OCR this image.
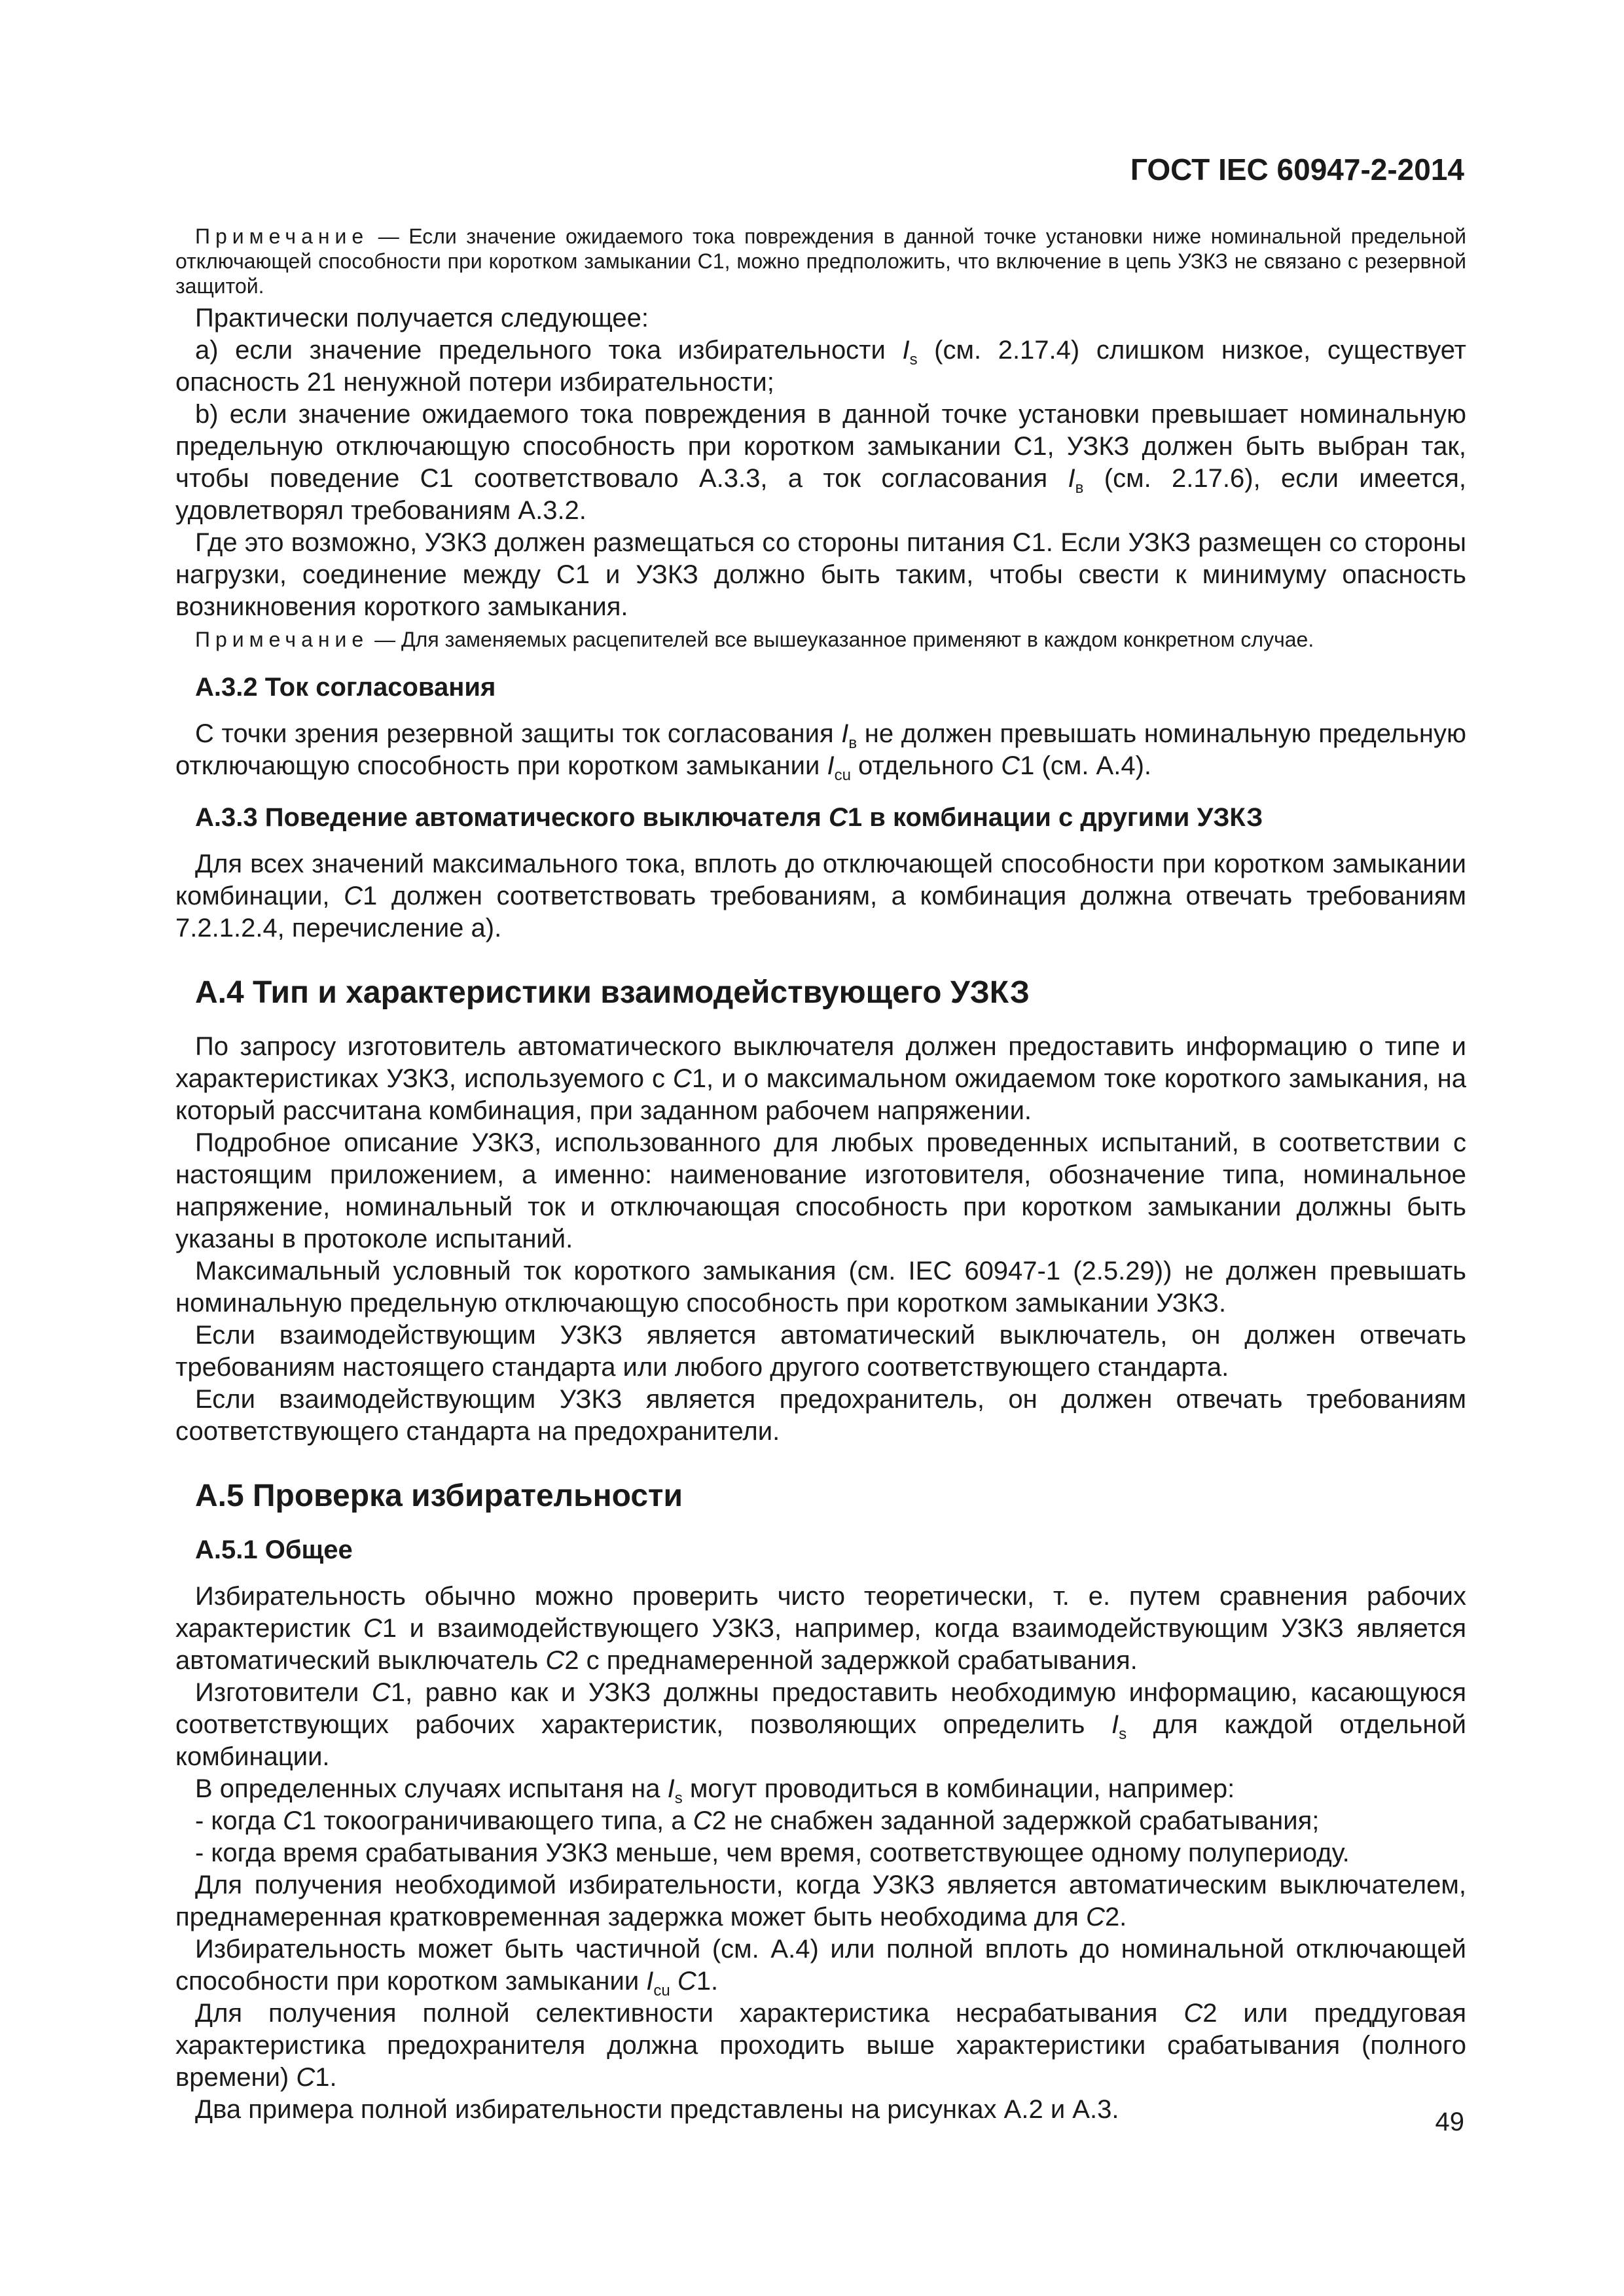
ГОСТ IEC 60947-2-2014

Примечание — Если значение ожидаемого тока повреждения в данной точке установки ниже номинальной предельной отключающей способности при коротком замыкании С1, можно предположить, что включение в цепь УЗКЗ не связано с резервной защитой.

Практически получается следующее:

а) если значение предельного тока избирательности $I_s$ (см. 2.17.4) слишком низкое, существует опасность 21 ненужной потери избирательности;

b) если значение ожидаемого тока повреждения в данной точке установки превышает номинальную предельную отключающую способность при коротком замыкании С1, УЗКЗ должен быть выбран так, чтобы поведение С1 соответствовало А.3.3, а ток согласования $I_в$ (см. 2.17.6), если имеется, удовлетворял требованиям А.3.2.

Где это возможно, УЗКЗ должен размещаться со стороны питания С1. Если УЗКЗ размещен со стороны нагрузки, соединение между С1 и УЗКЗ должно быть таким, чтобы свести к минимуму опасность возникновения короткого замыкания.

Примечание — Для заменяемых расцепителей все вышеуказанное применяют в каждом конкретном случае.

А.3.2 Ток согласования

С точки зрения резервной защиты ток согласования $I_в$ не должен превышать номинальную предельную отключающую способность при коротком замыкании $I_{cu}$ отдельного С1 (см. А.4).

А.3.3 Поведение автоматического выключателя С1 в комбинации с другими УЗКЗ

Для всех значений максимального тока, вплоть до отключающей способности при коротком замыкании комбинации, С1 должен соответствовать требованиям, а комбинация должна отвечать требованиям 7.2.1.2.4, перечисление а).

А.4 Тип и характеристики взаимодействующего УЗКЗ

По запросу изготовитель автоматического выключателя должен предоставить информацию о типе и характеристиках УЗКЗ, используемого с С1, и о максимальном ожидаемом токе короткого замыкания, на который рассчитана комбинация, при заданном рабочем напряжении.

Подробное описание УЗКЗ, использованного для любых проведенных испытаний, в соответствии с настоящим приложением, а именно: наименование изготовителя, обозначение типа, номинальное напряжение, номинальный ток и отключающая способность при коротком замыкании должны быть указаны в протоколе испытаний.

Максимальный условный ток короткого замыкания (см. IEC 60947-1 (2.5.29)) не должен превышать номинальную предельную отключающую способность при коротком замыкании УЗКЗ.

Если взаимодействующим УЗКЗ является автоматический выключатель, он должен отвечать требованиям настоящего стандарта или любого другого соответствующего стандарта.

Если взаимодействующим УЗКЗ является предохранитель, он должен отвечать требованиям соответствующего стандарта на предохранители.

А.5 Проверка избирательности
А.5.1 Общее

Избирательность обычно можно проверить чисто теоретически, т. е. путем сравнения рабочих характеристик С1 и взаимодействующего УЗКЗ, например, когда взаимодействующим УЗКЗ является автоматический выключатель С2 с преднамеренной задержкой срабатывания.

Изготовители С1, равно как и УЗКЗ должны предоставить необходимую информацию, касающуюся соответствующих рабочих характеристик, позволяющих определить $I_s$ для каждой отдельной комбинации.

В определенных случаях испытаня на $I_s$ могут проводиться в комбинации, например:

- когда С1 токоограничивающего типа, а С2 не снабжен заданной задержкой срабатывания;

- когда время срабатывания УЗКЗ меньше, чем время, соответствующее одному полупериоду.

Для получения необходимой избирательности, когда УЗКЗ является автоматическим выключателем, преднамеренная кратковременная задержка может быть необходима для С2.

Избирательность может быть частичной (см. А.4) или полной вплоть до номинальной отключающей способности при коротком замыкании $I_{cu}$ С1.

Для получения полной селективности характеристика несрабатывания С2 или преддуговая характеристика предохранителя должна проходить выше характеристики срабатывания (полного времени) С1.

Два примера полной избирательности представлены на рисунках А.2 и А.3.	49
